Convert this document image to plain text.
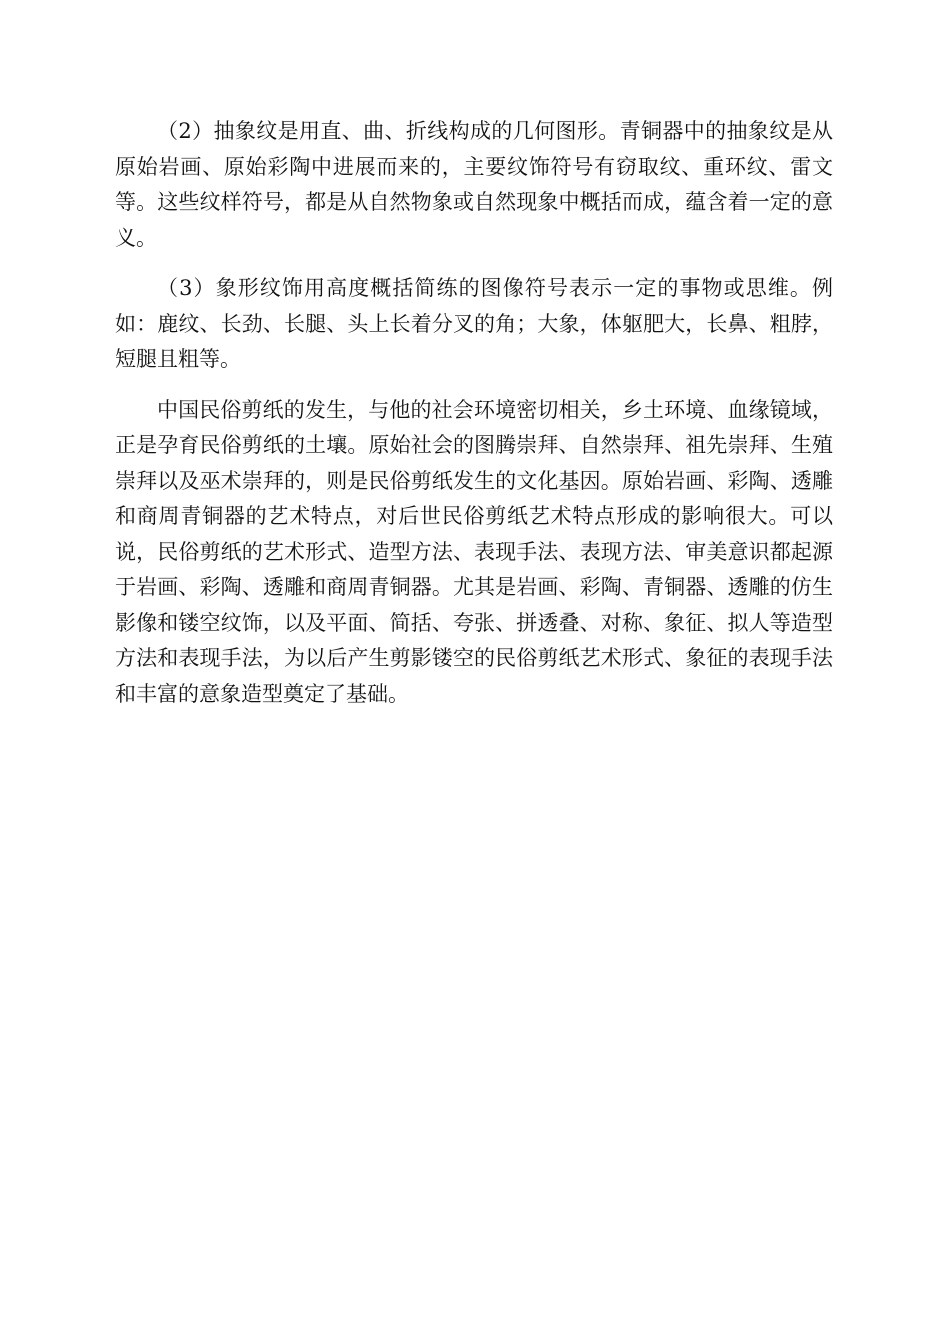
（2）抽象纹是用直、曲、折线构成的几何图形。青铜器中的抽象纹是从原始岩画、原始彩陶中进展而来的，主要纹饰符号有窃取纹、重环纹、雷文等。这些纹样符号，都是从自然物象或自然现象中概括而成，蕴含着一定的意义。

（3）象形纹饰用高度概括简练的图像符号表示一定的事物或思维。例如：鹿纹、长劲、长腿、头上长着分叉的角；大象，体躯肥大，长鼻、粗脖，短腿且粗等。

中国民俗剪纸的发生，与他的社会环境密切相关，乡土环境、血缘镜域，正是孕育民俗剪纸的土壤。原始社会的图腾崇拜、自然崇拜、祖先崇拜、生殖崇拜以及巫术崇拜的，则是民俗剪纸发生的文化基因。原始岩画、彩陶、透雕和商周青铜器的艺术特点，对后世民俗剪纸艺术特点形成的影响很大。可以说，民俗剪纸的艺术形式、造型方法、表现手法、表现方法、审美意识都起源于岩画、彩陶、透雕和商周青铜器。尤其是岩画、彩陶、青铜器、透雕的仿生影像和镂空纹饰，以及平面、简括、夸张、拼透叠、对称、象征、拟人等造型方法和表现手法，为以后产生剪影镂空的民俗剪纸艺术形式、象征的表现手法和丰富的意象造型奠定了基础。
